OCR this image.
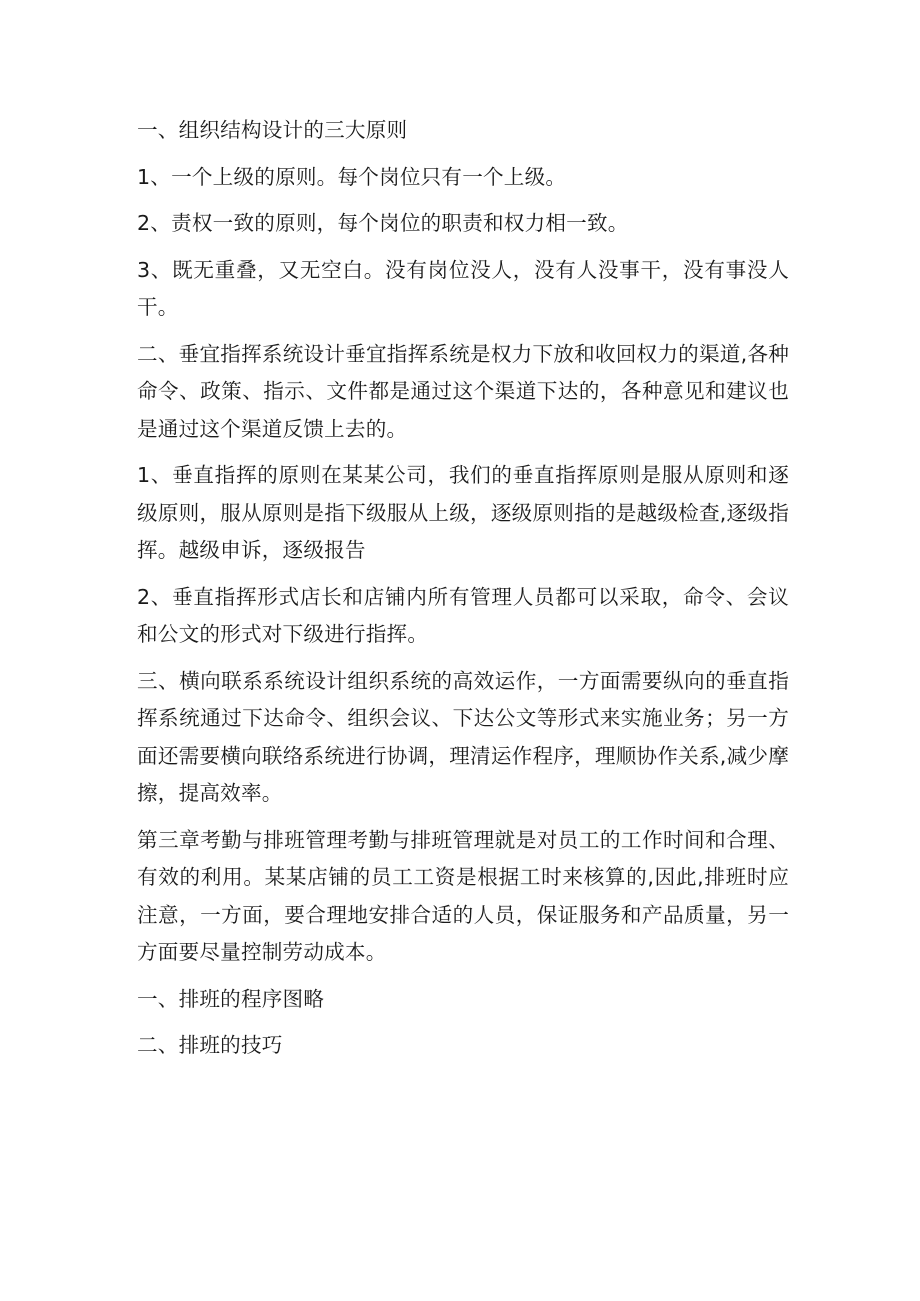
一、组织结构设计的三大原则

1、一个上级的原则。每个岗位只有一个上级。

2、责权一致的原则，每个岗位的职责和权力相一致。

3、既无重叠，又无空白。没有岗位没人，没有人没事干，没有事没人干。

二、垂宜指挥系统设计垂宜指挥系统是权力下放和收回权力的渠道,各种命令、政策、指示、文件都是通过这个渠道下达的，各种意见和建议也是通过这个渠道反馈上去的。

1、垂直指挥的原则在某某公司，我们的垂直指挥原则是服从原则和逐级原则，服从原则是指下级服从上级，逐级原则指的是越级检查,逐级指挥。越级申诉，逐级报告

2、垂直指挥形式店长和店铺内所有管理人员都可以采取，命令、会议和公文的形式对下级进行指挥。

三、横向联系系统设计组织系统的高效运作，一方面需要纵向的垂直指挥系统通过下达命令、组织会议、下达公文等形式来实施业务；另一方面还需要横向联络系统进行协调，理清运作程序，理顺协作关系,减少摩擦，提高效率。

第三章考勤与排班管理考勤与排班管理就是对员工的工作时间和合理、有效的利用。某某店铺的员工工资是根据工时来核算的,因此,排班时应注意，一方面，要合理地安排合适的人员，保证服务和产品质量，另一方面要尽量控制劳动成本。

一、排班的程序图略

二、排班的技巧
